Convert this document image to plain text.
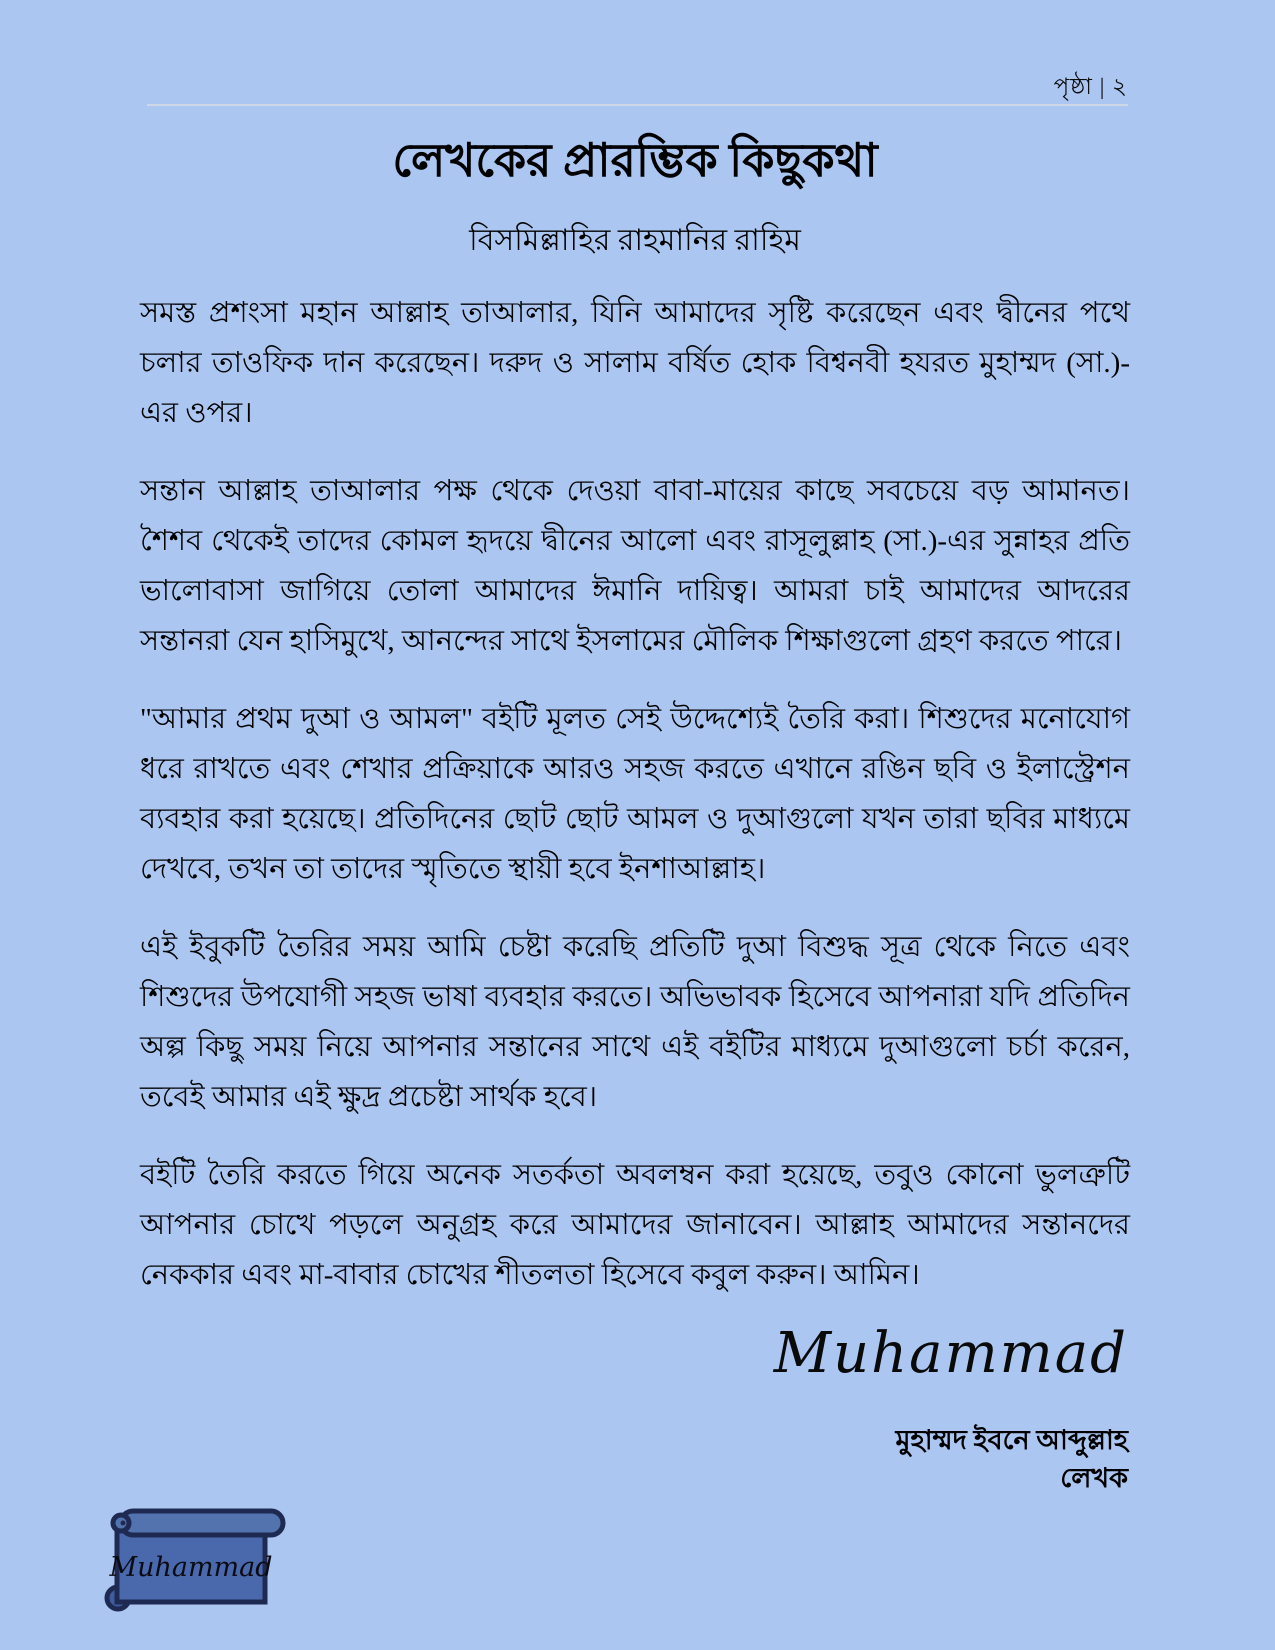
পৃষ্ঠা | ২
লেখকের প্রারম্ভিক কিছুকথা
বিসমিল্লাহির রাহমানির রাহিম

সমস্ত প্রশংসা মহান আল্লাহ তাআলার, যিনি আমাদের সৃষ্টি করেছেন এবং দ্বীনের পথে চলার তাওফিক দান করেছেন। দরুদ ও সালাম বর্ষিত হোক বিশ্বনবী হযরত মুহাম্মদ (সা.)-এর ওপর।

সন্তান আল্লাহ তাআলার পক্ষ থেকে দেওয়া বাবা-মায়ের কাছে সবচেয়ে বড় আমানত। শৈশব থেকেই তাদের কোমল হৃদয়ে দ্বীনের আলো এবং রাসূলুল্লাহ (সা.)-এর সুন্নাহর প্রতি ভালোবাসা জাগিয়ে তোলা আমাদের ঈমানি দায়িত্ব। আমরা চাই আমাদের আদরের সন্তানরা যেন হাসিমুখে, আনন্দের সাথে ইসলামের মৌলিক শিক্ষাগুলো গ্রহণ করতে পারে।

"আমার প্রথম দুআ ও আমল" বইটি মূলত সেই উদ্দেশ্যেই তৈরি করা। শিশুদের মনোযোগ ধরে রাখতে এবং শেখার প্রক্রিয়াকে আরও সহজ করতে এখানে রঙিন ছবি ও ইলাস্ট্রেশন ব্যবহার করা হয়েছে। প্রতিদিনের ছোট ছোট আমল ও দুআগুলো যখন তারা ছবির মাধ্যমে দেখবে, তখন তা তাদের স্মৃতিতে স্থায়ী হবে ইনশাআল্লাহ।

এই ইবুকটি তৈরির সময় আমি চেষ্টা করেছি প্রতিটি দুআ বিশুদ্ধ সূত্র থেকে নিতে এবং শিশুদের উপযোগী সহজ ভাষা ব্যবহার করতে। অভিভাবক হিসেবে আপনারা যদি প্রতিদিন অল্প কিছু সময় নিয়ে আপনার সন্তানের সাথে এই বইটির মাধ্যমে দুআগুলো চর্চা করেন, তবেই আমার এই ক্ষুদ্র প্রচেষ্টা সার্থক হবে।

বইটি তৈরি করতে গিয়ে অনেক সতর্কতা অবলম্বন করা হয়েছে, তবুও কোনো ভুলত্রুটি আপনার চোখে পড়লে অনুগ্রহ করে আমাদের জানাবেন। আল্লাহ আমাদের সন্তানদের নেককার এবং মা-বাবার চোখের শীতলতা হিসেবে কবুল করুন। আমিন।

Muhammad
মুহাম্মদ ইবনে আব্দুল্লাহ
লেখক
Muhammad
